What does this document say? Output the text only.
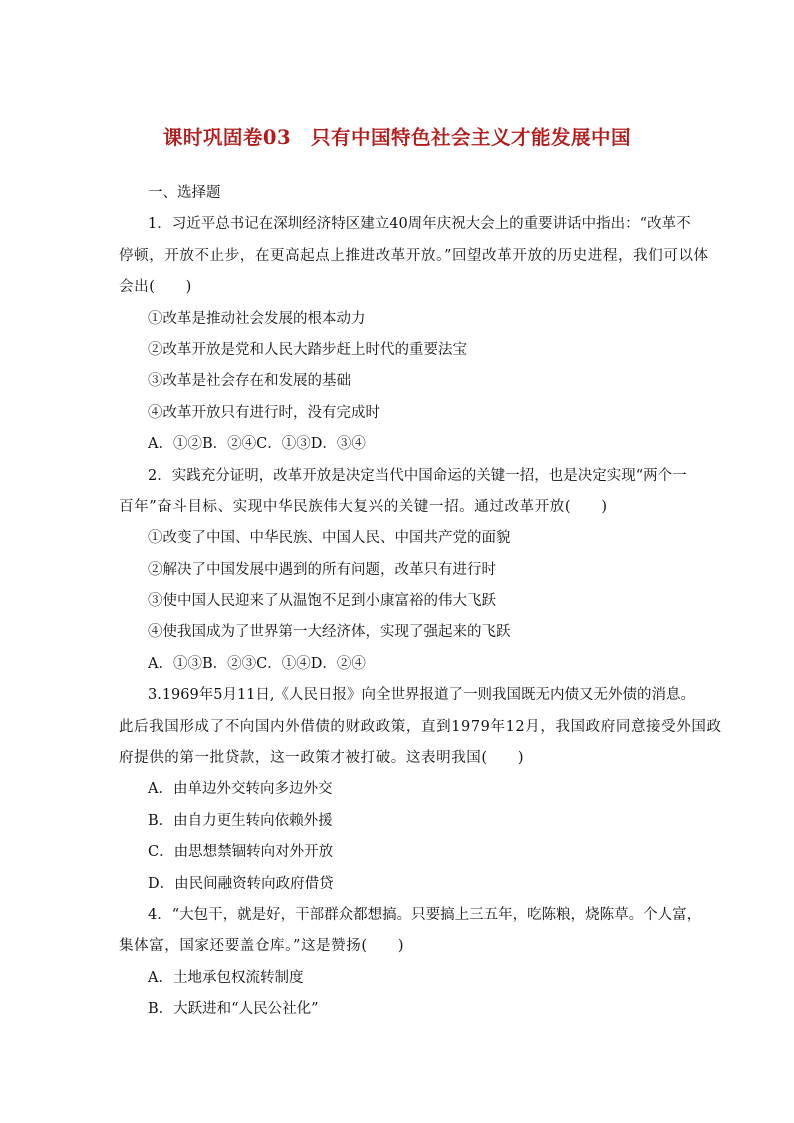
课时巩固卷03　只有中国特色社会主义才能发展中国
一、选择题
1．习近平总书记在深圳经济特区建立40周年庆祝大会上的重要讲话中指出：“改革不
停顿，开放不止步，在更高起点上推进改革开放。”回望改革开放的历史进程，我们可以体
会出(　　)
①改革是推动社会发展的根本动力
②改革开放是党和人民大踏步赶上时代的重要法宝
③改革是社会存在和发展的基础
④改革开放只有进行时，没有完成时
A．①②B．②④C．①③D．③④
2．实践充分证明，改革开放是决定当代中国命运的关键一招，也是决定实现“两个一
百年”奋斗目标、实现中华民族伟大复兴的关键一招。通过改革开放(　　)
①改变了中国、中华民族、中国人民、中国共产党的面貌
②解决了中国发展中遇到的所有问题，改革只有进行时
③使中国人民迎来了从温饱不足到小康富裕的伟大飞跃
④使我国成为了世界第一大经济体，实现了强起来的飞跃
A．①③B．②③C．①④D．②④
3.1969年5月11日,《人民日报》向全世界报道了一则我国既无内债又无外债的消息。
此后我国形成了不向国内外借债的财政政策，直到1979年12月，我国政府同意接受外国政
府提供的第一批贷款，这一政策才被打破。这表明我国(　　)
A．由单边外交转向多边外交
B．由自力更生转向依赖外援
C．由思想禁锢转向对外开放
D．由民间融资转向政府借贷
4．“大包干，就是好，干部群众都想搞。只要搞上三五年，吃陈粮，烧陈草。个人富，
集体富，国家还要盖仓库。”这是赞扬(　　)
A．土地承包权流转制度
B．大跃进和“人民公社化”
